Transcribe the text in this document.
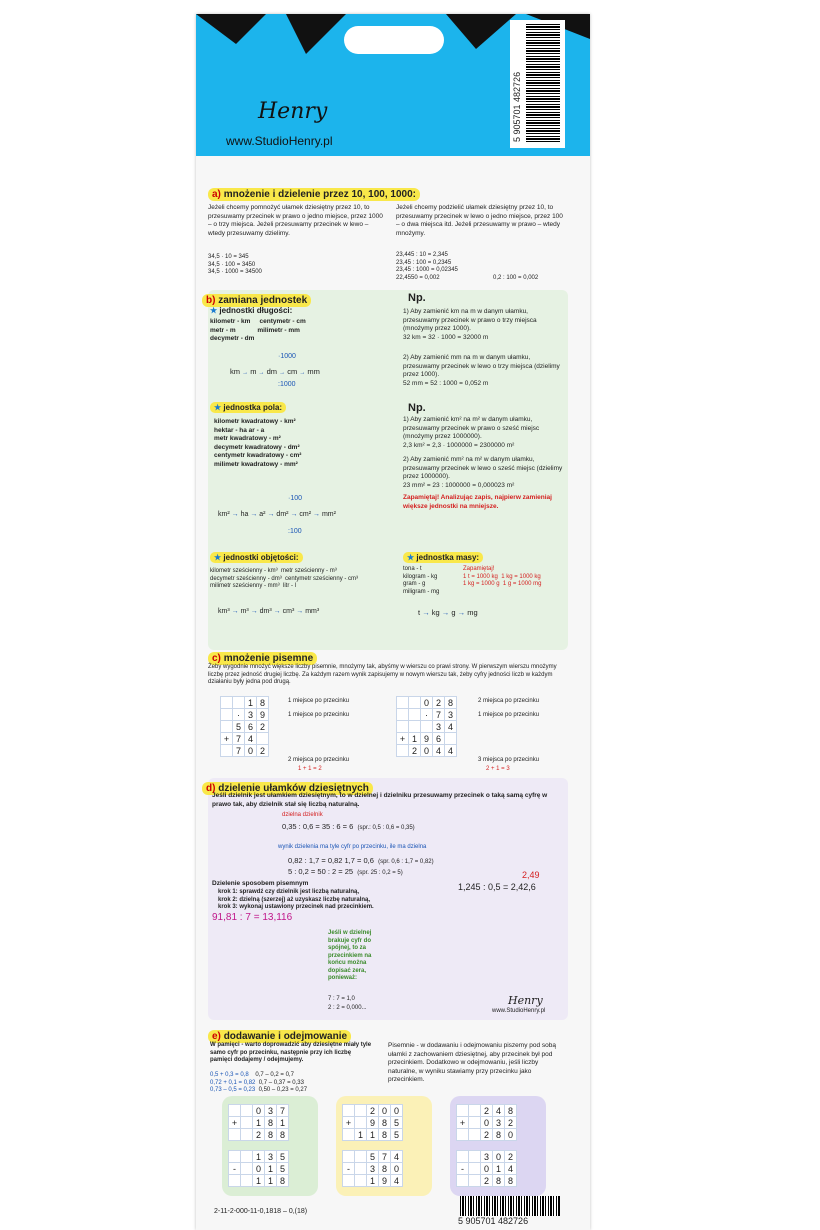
Henry
www.StudioHenry.pl	5 905701 482726
a) mnożenie i dzielenie przez 10, 100, 1000:
Jeżeli chcemy pomnożyć ułamek dziesiętny przez 10, to przesuwamy przecinek w prawo o jedno miejsce, przez 1000 – o trzy miejsca. Jeżeli przesuwamy przecinek w lewo – wtedy przesuwamy dzielimy.
Jeżeli chcemy podzielić ułamek dziesiętny przez 10, to przesuwamy przecinek w lewo o jedno miejsce, przez 100 – o dwa miejsca itd. Jeżeli przesuwamy w prawo – wtedy mnożymy.
34,5 · 10 = 345
34,5 · 100 = 3450
34,5 · 1000 = 34500
23,445 : 10 = 2,345
23,45 : 100 = 0,2345
23,45 : 1000 = 0,02345
22,4550 = 0,002	0,2 : 100 = 0,002
b) zamiana jednostek	Np.
★ jednostki długości:
kilometr - km centymetr - cm
metr - m	milimetr - mm
decymetr - dm
1) Aby zamienić km na m w danym ułamku, przesuwamy przecinek w prawo o trzy miejsca (mnożymy przez 1000).
32 km = 32 · 1000 = 32000 m
2) Aby zamienić mm na m w danym ułamku, przesuwamy przecinek w lewo o trzy miejsca (dzielimy przez 1000).
52 mm = 52 : 1000 = 0,052 m
·1000
km → m → dm → cm → mm
:1000
★ jednostka pola:	Np.
kilometr kwadratowy - km²
hektar - ha ar - a
metr kwadratowy - m²
decymetr kwadratowy - dm²
centymetr kwadratowy - cm²
milimetr kwadratowy - mm²
1) Aby zamienić km² na m² w danym ułamku, przesuwamy przecinek w prawo o sześć miejsc (mnożymy przez 1000000).
2,3 km² = 2,3 · 1000000 = 2300000 m²
2) Aby zamienić mm² na m² w danym ułamku, przesuwamy przecinek w lewo o sześć miejsc (dzielimy przez 1000000).
23 mm² = 23 : 1000000 = 0,000023 m²
Zapamiętaj! Analizując zapis, najpierw zamieniaj większe jednostki na mniejsze.
·100
km² → ha → a² → dm² → cm² → mm²
:100
★ jednostki objętości:
kilometr sześcienny - km³ metr sześcienny - m³
decymetr sześcienny - dm³ centymetr sześcienny - cm³
milimetr sześcienny - mm³ litr - l
★ jednostka masy:
tona - t
kilogram - kg
gram - g
miligram - mg
Zapamiętaj!
1 t = 1000 kg 1 kg = 1000 kg
1 kg = 1000 g 1 g = 1000 mg
km³ → m³ → dm³ → cm³ → mm³	t → kg → g → mg
c) mnożenie pisemne
Żeby wygodnie mnożyć większe liczby pisemnie, mnożymy tak, abyśmy w wierszu co prawi strony. W pierwszym wierszu mnożymy liczbę przez jedność drugiej liczbę. Za każdym razem wynik zapisujemy w nowym wierszu tak, żeby cyfry jedności liczb w każdym działaniu były jedna pod drugą.
		1	8
	·	3	9
	5	6	2
+	7	4	
	7	0	2
1 miejsce po przecinku
1 miejsce po przecinku
2 miejsca po przecinku
1 + 1 = 2
		0	2	8
		·	7	3
			3	4
+	1	9	6	
	2	0	4	4
2 miejsca po przecinku
1 miejsce po przecinku
3 miejsca po przecinku
2 + 1 = 3
d) dzielenie ułamków dziesiętnych
Jeśli dzielnik jest ułamkiem dziesiętnym, to w dzielnej i dzielniku przesuwamy przecinek o taką samą cyfrę w prawo tak, aby dzielnik stał się liczbą naturalną.
dzielna dzielnik
0,35 : 0,6 = 35 : 6 = 6 (spr.: 0,5 : 0,6 = 0,35)
wynik dzielenia ma tyle cyfr po przecinku, ile ma dzielna
0,82 : 1,7 = 0,82 1,7 = 0,6 (spr. 0,6 : 1,7 = 0,82)
5 : 0,2 = 50 : 2 = 25 (spr. 25 : 0,2 = 5)
Dzielenie sposobem pisemnym
krok 1: sprawdź czy dzielnik jest liczbą naturalną,
krok 2: dzielną (szerzej) aż uzyskasz liczbę naturalną,
krok 3: wykonaj ustawiony przecinek nad przecinkiem.
91,81 : 7 = 13,116
2,49
1,245 : 0,5 = 2,42,6
Jeśli w dzielnej brakuje cyfr do spójnej, to za przecinkiem na końcu można dopisać zera, ponieważ:
7 : 7 = 1,0
2 : 2 = 0,000...
Henry
www.StudioHenry.pl
e) dodawanie i odejmowanie
W pamięci - warto doprowadzić aby dziesiętne miały tyle samo cyfr po przecinku, następnie przy ich liczbę pamięci dodajemy / odejmujemy.
0,5 + 0,3 = 0,8 0,7 – 0,2 = 0,7
0,72 + 0,1 = 0,82 0,7 – 0,37 = 0,33
0,73 – 0,5 = 0,23 0,50 – 0,23 = 0,27
Pisemnie - w dodawaniu i odejmowaniu piszemy pod sobą ułamki z zachowaniem dziesiętnej, aby przecinek był pod przecinkiem. Dodatkowo w odejmowaniu, jeśli liczby naturalne, w wyniku stawiamy przy przecinku jako przecinkiem.
		0	3	7
+		1	8	1
		2	8	8
		1	3	5
-		0	1	5
		1	1	8
		2	0	0
+		9	8	5
	1	1	8	5
		5	7	4
-		3	8	0
		1	9	4
		2	4	8
+		0	3	2
		2	8	0
		3	0	2
-		0	1	4
		2	8	8
2-11-2-000-11-0,1818 – 0,(18)
5 905701 482726
